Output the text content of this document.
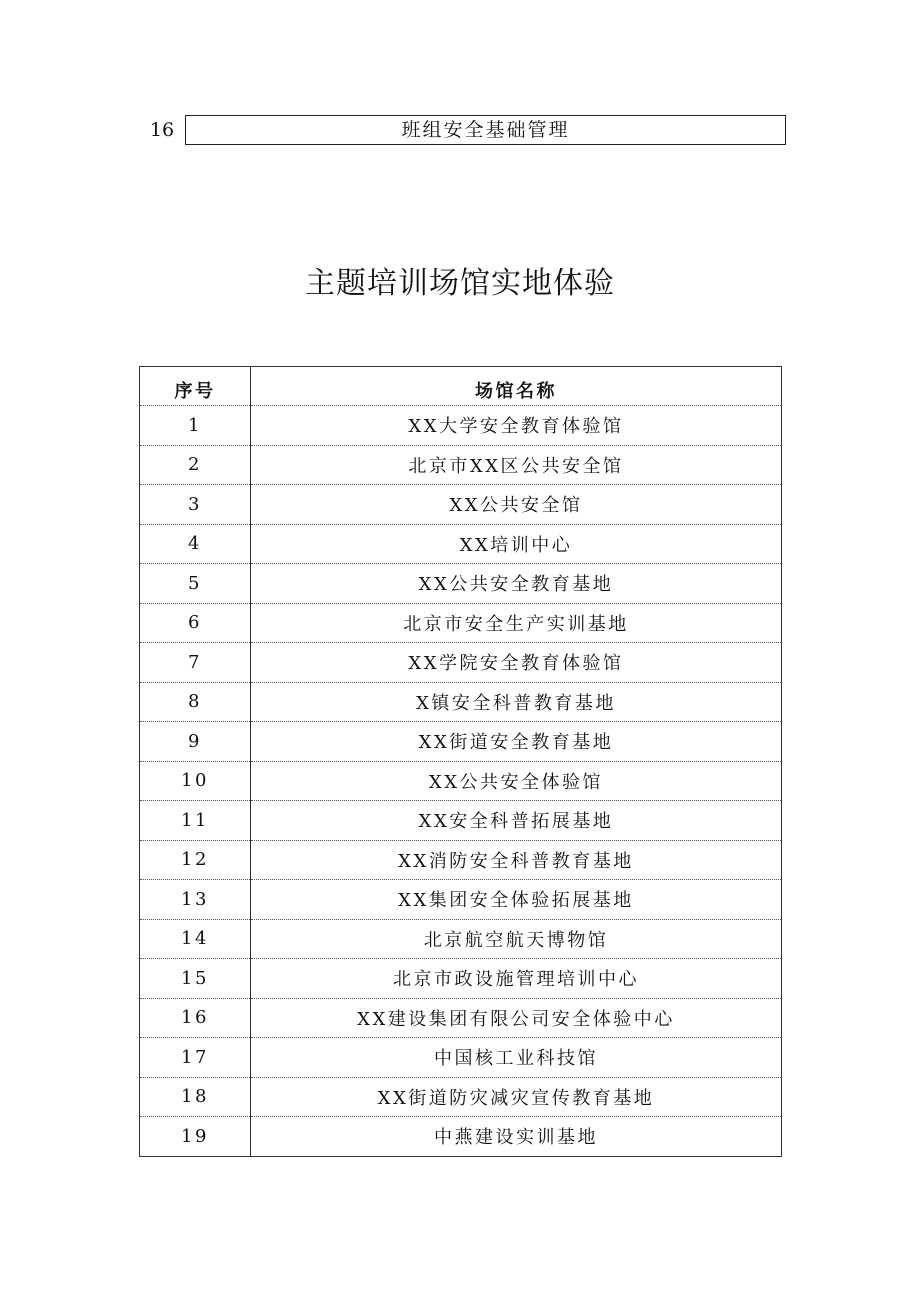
16	班组安全基础管理
主题培训场馆实地体验
序号	场馆名称
1	XX大学安全教育体验馆
2	北京市XX区公共安全馆
3	XX公共安全馆
4	XX培训中心
5	XX公共安全教育基地
6	北京市安全生产实训基地
7	XX学院安全教育体验馆
8	X镇安全科普教育基地
9	XX街道安全教育基地
10	XX公共安全体验馆
11	XX安全科普拓展基地
12	XX消防安全科普教育基地
13	XX集团安全体验拓展基地
14	北京航空航天博物馆
15	北京市政设施管理培训中心
16	XX建设集团有限公司安全体验中心
17	中国核工业科技馆
18	XX街道防灾减灾宣传教育基地
19	中燕建设实训基地
